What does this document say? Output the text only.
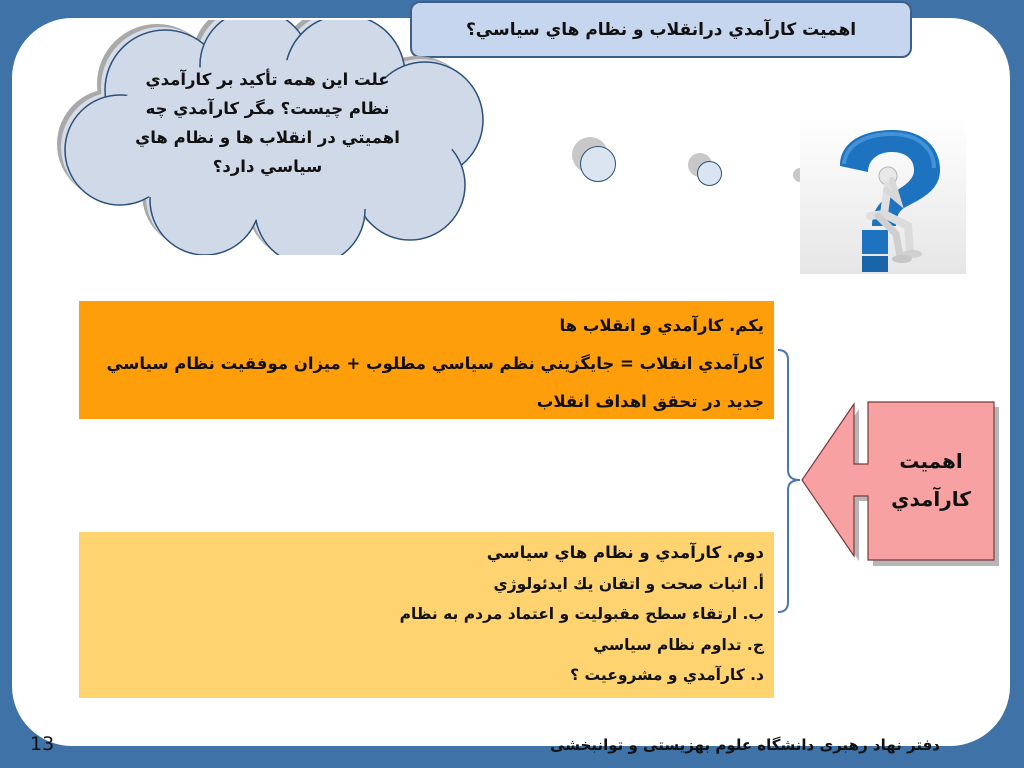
اهميت كارآمدي درانقلاب و نظام هاي سياسي؟
علت اين همه تأكيد بر كارآمدي
نظام چيست؟ مگر كارآمدي چه
اهميتي در انقلاب ها و نظام هاي
سياسي دارد؟
يكم. كارآمدي و انقلاب ها
كارآمدي انقلاب = جايگزيني نظم سياسي مطلوب + ميزان موفقيت نظام سياسي
جديد در تحقق اهداف انقلاب
دوم. كارآمدي و نظام هاي سياسي
أ. اثبات صحت و اتقان يك ايدئولوژي
ب. ارتقاء سطح مقبوليت و اعتماد مردم به نظام
ج. تداوم نظام سياسي
د. كارآمدي و مشروعيت ؟
اهميت
كارآمدي
دفتر نهاد رهبری دانشگاه علوم بهزیستی و توانبخشی
13
